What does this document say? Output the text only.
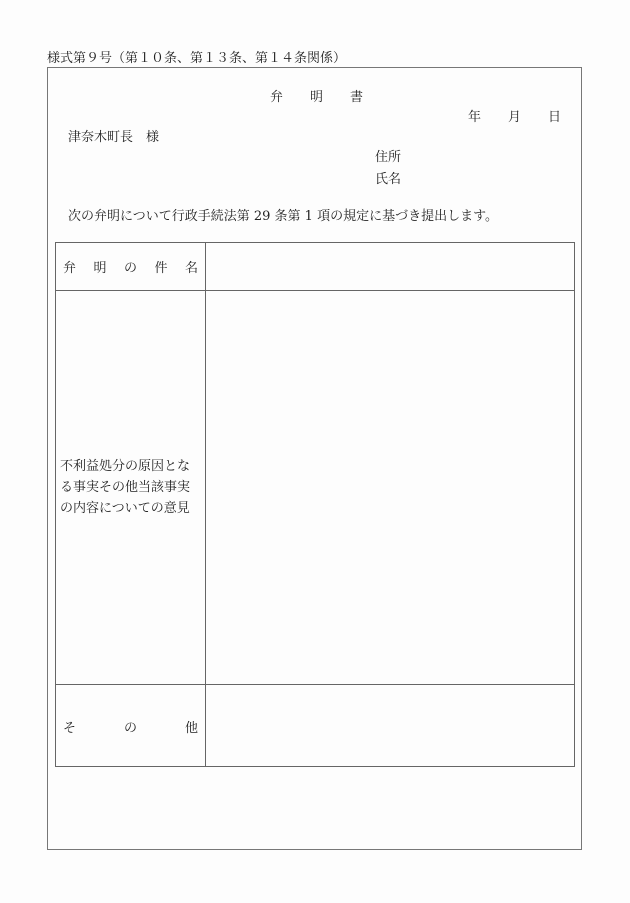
様式第９号（第１０条、第１３条、第１４条関係）
弁 明 書
年 月 日
津奈木町長　様
住所
氏名
次の弁明について行政手続法第 29 条第 1 項の規定に基づき提出します。
弁 明 の 件 名
不利益処分の原因とな
る事実その他当該事実
の内容についての意見
そ	の	他
